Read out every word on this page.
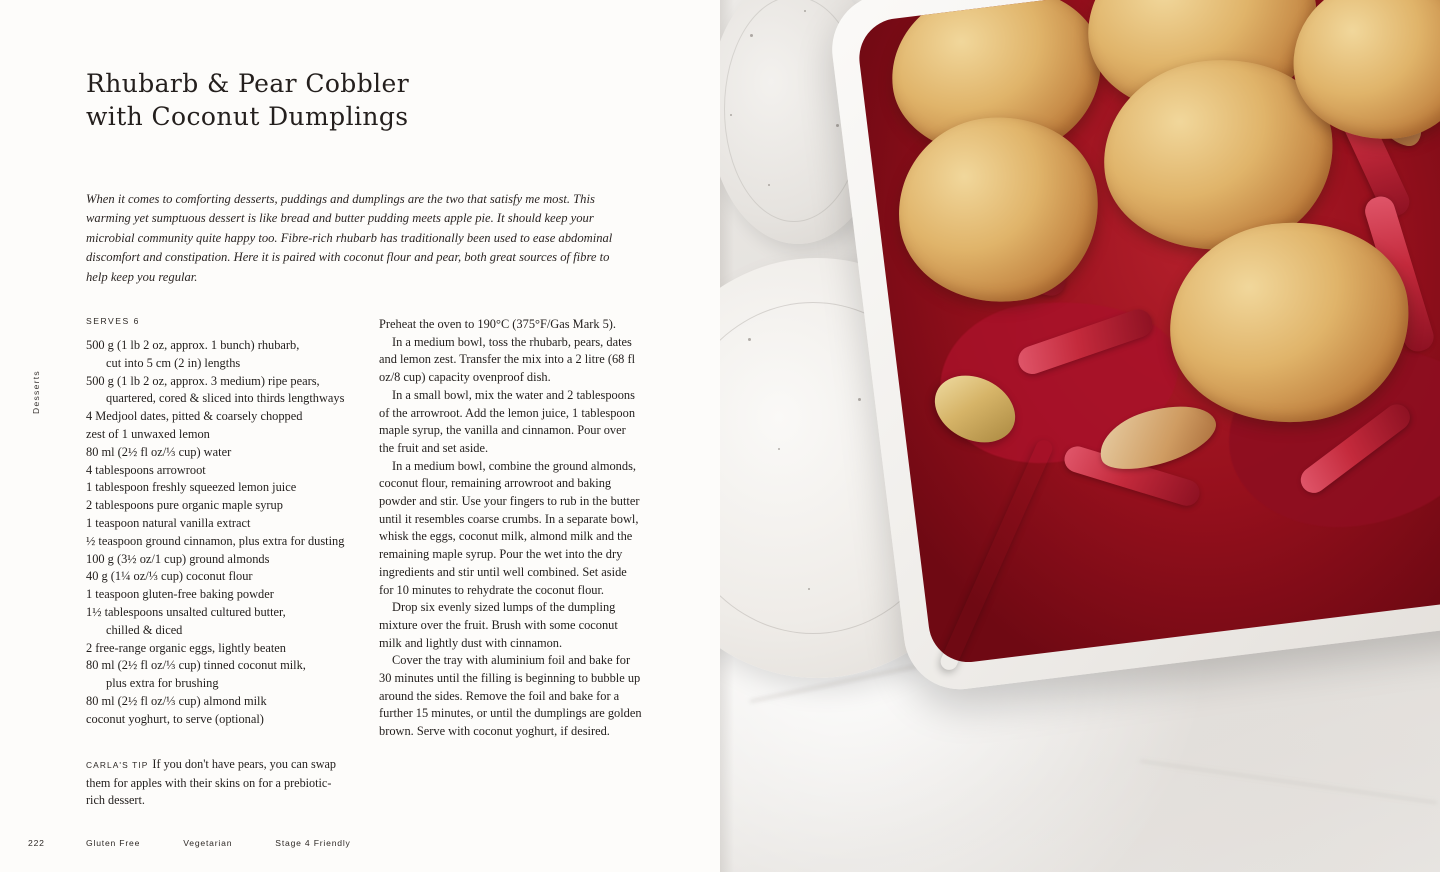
Rhubarb & Pear Cobbler
with Coconut Dumplings

When it comes to comforting desserts, puddings and dumplings are the two that satisfy me most. This warming yet sumptuous dessert is like bread and butter pudding meets apple pie. It should keep your microbial community quite happy too. Fibre-rich rhubarb has traditionally been used to ease abdominal discomfort and constipation. Here it is paired with coconut flour and pear, both great sources of fibre to help keep you regular.

Desserts
SERVES 6
500 g (1 lb 2 oz, approx. 1 bunch) rhubarb,
cut into 5 cm (2 in) lengths
500 g (1 lb 2 oz, approx. 3 medium) ripe pears,
quartered, cored & sliced into thirds lengthways
4 Medjool dates, pitted & coarsely chopped
zest of 1 unwaxed lemon
80 ml (2½ fl oz/⅓ cup) water
4 tablespoons arrowroot
1 tablespoon freshly squeezed lemon juice
2 tablespoons pure organic maple syrup
1 teaspoon natural vanilla extract
½ teaspoon ground cinnamon, plus extra for dusting
100 g (3½ oz/1 cup) ground almonds
40 g (1¼ oz/⅓ cup) coconut flour
1 teaspoon gluten-free baking powder
1½ tablespoons unsalted cultured butter,
chilled & diced
2 free-range organic eggs, lightly beaten
80 ml (2½ fl oz/⅓ cup) tinned coconut milk,
plus extra for brushing
80 ml (2½ fl oz/⅓ cup) almond milk
coconut yoghurt, to serve (optional)

Preheat the oven to 190°C (375°F/Gas Mark 5).

In a medium bowl, toss the rhubarb, pears, dates and lemon zest. Transfer the mix into a 2 litre (68 fl oz/8 cup) capacity ovenproof dish.

In a small bowl, mix the water and 2 tablespoons of the arrowroot. Add the lemon juice, 1 tablespoon maple syrup, the vanilla and cinnamon. Pour over the fruit and set aside.

In a medium bowl, combine the ground almonds, coconut flour, remaining arrowroot and baking powder and stir. Use your fingers to rub in the butter until it resembles coarse crumbs. In a separate bowl, whisk the eggs, coconut milk, almond milk and the remaining maple syrup. Pour the wet into the dry ingredients and stir until well combined. Set aside for 10 minutes to rehydrate the coconut flour.

Drop six evenly sized lumps of the dumpling mixture over the fruit. Brush with some coconut milk and lightly dust with cinnamon.

Cover the tray with aluminium foil and bake for 30 minutes until the filling is beginning to bubble up around the sides. Remove the foil and bake for a further 15 minutes, or until the dumplings are golden brown. Serve with coconut yoghurt, if desired.

CARLA'S TIP If you don't have pears, you can swap them for apples with their skins on for a prebiotic-rich dessert.
222	Gluten Free	Vegetarian	Stage 4 Friendly
